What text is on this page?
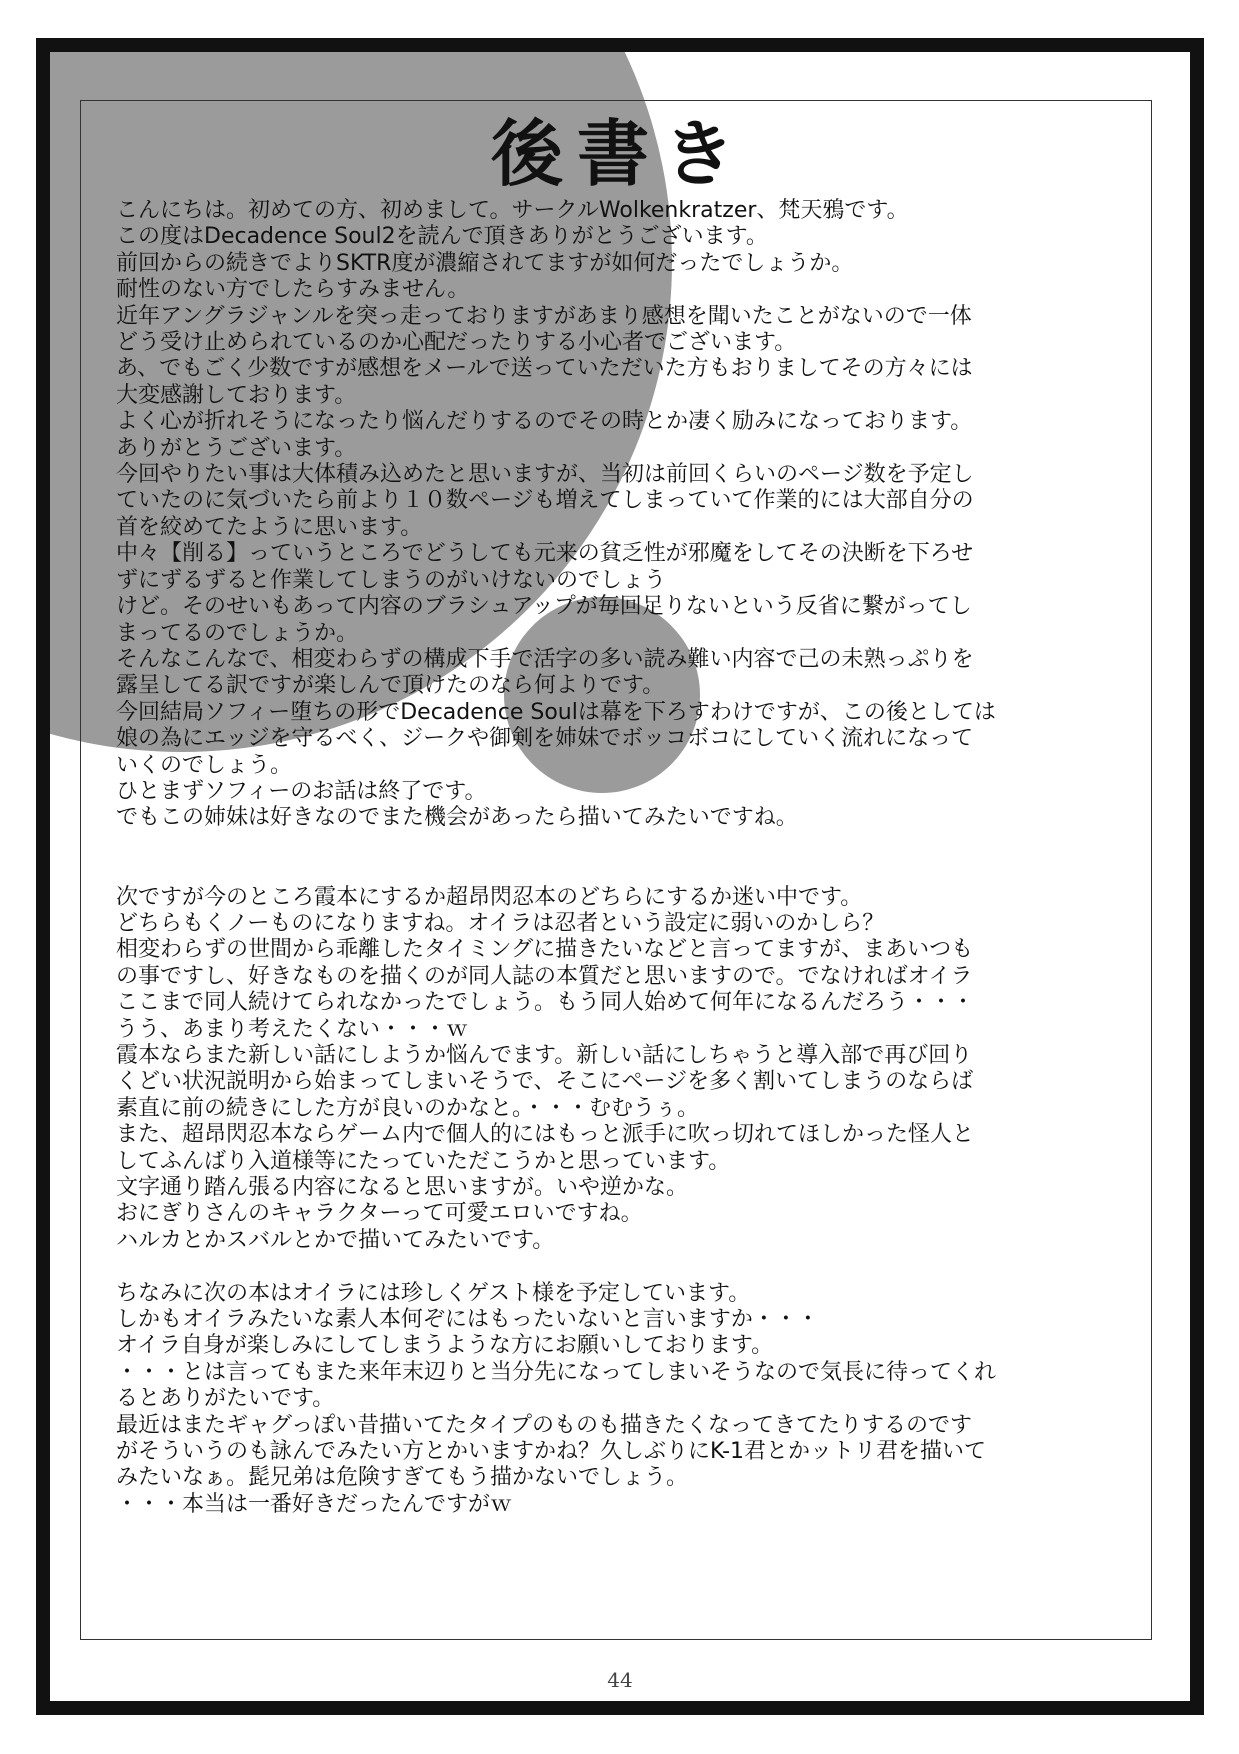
後書き
こんにちは。初めての方、初めまして。サークルWolkenkratzer、梵天鴉です。
この度はDecadence Soul2を読んで頂きありがとうございます。
前回からの続きでよりSKTR度が濃縮されてますが如何だったでしょうか。
耐性のない方でしたらすみません。
近年アングラジャンルを突っ走っておりますがあまり感想を聞いたことがないので一体
どう受け止められているのか心配だったりする小心者でございます。
あ、でもごく少数ですが感想をメールで送っていただいた方もおりましてその方々には
大変感謝しております。
よく心が折れそうになったり悩んだりするのでその時とか凄く励みになっております。
ありがとうございます。
今回やりたい事は大体積み込めたと思いますが、当初は前回くらいのページ数を予定し
ていたのに気づいたら前より１０数ページも増えてしまっていて作業的には大部自分の
首を絞めてたように思います。
中々【削る】っていうところでどうしても元来の貧乏性が邪魔をしてその決断を下ろせ
ずにずるずると作業してしまうのがいけないのでしょう
けど。そのせいもあって内容のブラシュアップが毎回足りないという反省に繋がってし
まってるのでしょうか。
そんなこんなで、相変わらずの構成下手で活字の多い読み難い内容で己の未熟っぷりを
露呈してる訳ですが楽しんで頂けたのなら何よりです。
今回結局ソフィー堕ちの形でDecadence Soulは幕を下ろすわけですが、この後としては
娘の為にエッジを守るべく、ジークや御剣を姉妹でボッコボコにしていく流れになって
いくのでしょう。
ひとまずソフィーのお話は終了です。
でもこの姉妹は好きなのでまた機会があったら描いてみたいですね。
次ですが今のところ霞本にするか超昂閃忍本のどちらにするか迷い中です。
どちらもくノーものになりますね。オイラは忍者という設定に弱いのかしら？
相変わらずの世間から乖離したタイミングに描きたいなどと言ってますが、まあいつも
の事ですし、好きなものを描くのが同人誌の本質だと思いますので。でなければオイラ
ここまで同人続けてられなかったでしょう。もう同人始めて何年になるんだろう・・・
うう、あまり考えたくない・・・ｗ
霞本ならまた新しい話にしようか悩んでます。新しい話にしちゃうと導入部で再び回り
くどい状況説明から始まってしまいそうで、そこにページを多く割いてしまうのならば
素直に前の続きにした方が良いのかなと。・・・むむうぅ。
また、超昂閃忍本ならゲーム内で個人的にはもっと派手に吹っ切れてほしかった怪人と
してふんばり入道様等にたっていただこうかと思っています。
文字通り踏ん張る内容になると思いますが。いや逆かな。
おにぎりさんのキャラクターって可愛エロいですね。
ハルカとかスバルとかで描いてみたいです。
ちなみに次の本はオイラには珍しくゲスト様を予定しています。
しかもオイラみたいな素人本何ぞにはもったいないと言いますか・・・
オイラ自身が楽しみにしてしまうような方にお願いしております。
・・・とは言ってもまた来年末辺りと当分先になってしまいそうなので気長に待ってくれ
るとありがたいです。
最近はまたギャグっぽい昔描いてたタイプのものも描きたくなってきてたりするのです
がそういうのも詠んでみたい方とかいますかね？久しぶりにK-1君とかットリ君を描いて
みたいなぁ。髭兄弟は危険すぎてもう描かないでしょう。
・・・本当は一番好きだったんですがｗ
44
